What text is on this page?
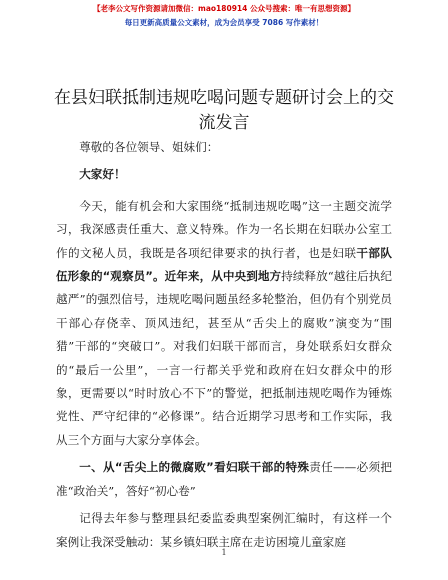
【老李公文写作资源请加微信：mao180914 公众号搜索：唯一有思想资源】
每日更新高质量公文素材，成为会员享受 7086 写作素材！
在县妇联抵制违规吃喝问题专题研讨会上的交
流发言

尊敬的各位领导、姐妹们：

大家好！

今天，能有机会和大家围绕“抵制违规吃喝”这一主题交流学习，我深感责任重大、意义特殊。作为一名长期在妇联办公室工作的文秘人员，我既是各项纪律要求的执行者，也是妇联干部队伍形象的“观察员”。近年来，从中央到地方持续释放“越往后执纪越严”的强烈信号，违规吃喝问题虽经多轮整治，但仍有个别党员干部心存侥幸、顶风违纪，甚至从“舌尖上的腐败”演变为“围猎”干部的“突破口”。对我们妇联干部而言，身处联系妇女群众的“最后一公里”，一言一行都关乎党和政府在妇女群众中的形象，更需要以“时时放心不下”的警觉，把抵制违规吃喝作为锤炼党性、严守纪律的“必修课”。结合近期学习思考和工作实际，我从三个方面与大家分享体会。

一、从“舌尖上的微腐败”看妇联干部的特殊责任——必须把准“政治关”，答好“初心卷”

记得去年参与整理县纪委监委典型案例汇编时，有这样一个案例让我深受触动：某乡镇妇联主席在走访困境儿童家庭

1
